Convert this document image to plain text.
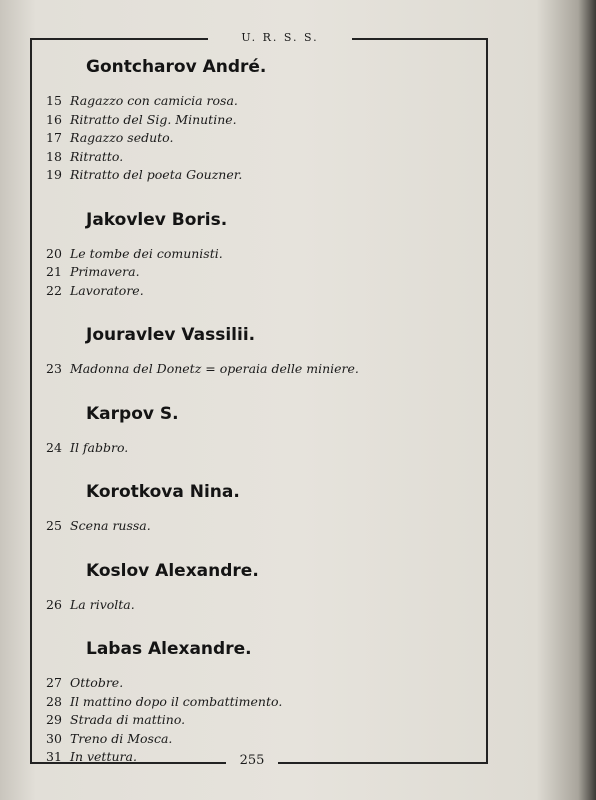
U. R. S. S.
Gontcharov André.
15 Ragazzo con camicia rosa.
16 Ritratto del Sig. Minutine.
17 Ragazzo seduto.
18 Ritratto.
19 Ritratto del poeta Gouzner.
Jakovlev Boris.
20 Le tombe dei comunisti.
21 Primavera.
22 Lavoratore.
Jouravlev Vassilii.
23 Madonna del Donetz = operaia delle miniere.
Karpov S.
24 Il fabbro.
Korotkova Nina.
25 Scena russa.
Koslov Alexandre.
26 La rivolta.
Labas Alexandre.
27 Ottobre.
28 Il mattino dopo il combattimento.
29 Strada di mattino.
30 Treno di Mosca.
31 In vettura.	255
